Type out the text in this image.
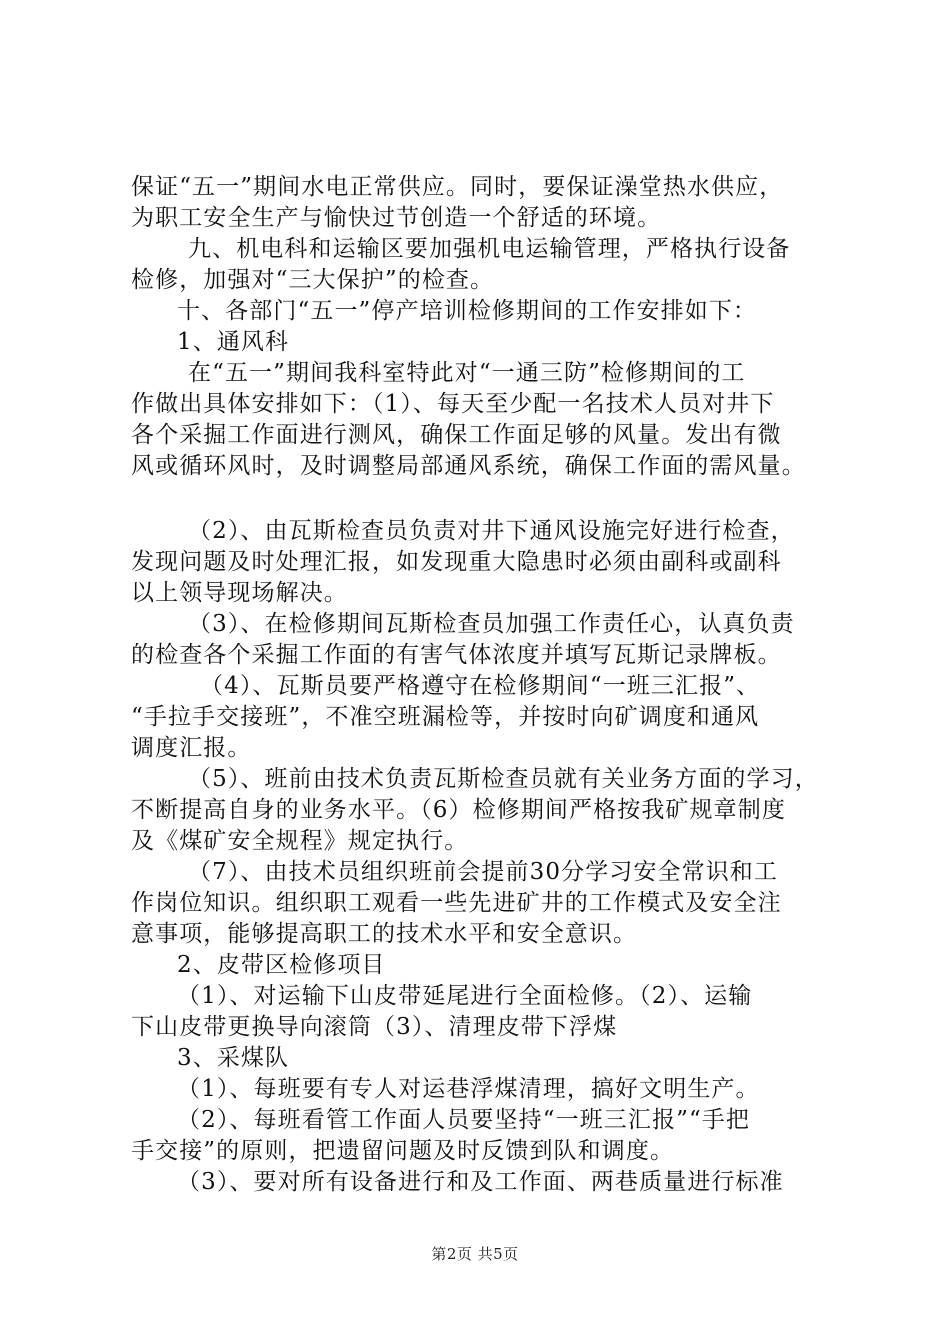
保证“五一”期间水电正常供应。同时，要保证澡堂热水供应，
为职工安全生产与愉快过节创造一个舒适的环境。
九、机电科和运输区要加强机电运输管理，严格执行设备
检修，加强对“三大保护”的检查。
十、各部门“五一”停产培训检修期间的工作安排如下：
1、通风科
在“五一”期间我科室特此对“一通三防”检修期间的工
作做出具体安排如下：（1）、每天至少配一名技术人员对井下
各个采掘工作面进行测风，确保工作面足够的风量。发出有微
风或循环风时，及时调整局部通风系统，确保工作面的需风量。
（2）、由瓦斯检查员负责对井下通风设施完好进行检查，
发现问题及时处理汇报，如发现重大隐患时必须由副科或副科
以上领导现场解决。
（3）、在检修期间瓦斯检查员加强工作责任心，认真负责
的检查各个采掘工作面的有害气体浓度并填写瓦斯记录牌板。
（4）、瓦斯员要严格遵守在检修期间“一班三汇报”、
“手拉手交接班”，不准空班漏检等，并按时向矿调度和通风
调度汇报。
（5）、班前由技术负责瓦斯检查员就有关业务方面的学习，
不断提高自身的业务水平。（6）检修期间严格按我矿规章制度
及《煤矿安全规程》规定执行。
（7）、由技术员组织班前会提前30分学习安全常识和工
作岗位知识。组织职工观看一些先进矿井的工作模式及安全注
意事项，能够提高职工的技术水平和安全意识。
2、皮带区检修项目
（1）、对运输下山皮带延尾进行全面检修。（2）、运输
下山皮带更换导向滚筒（3）、清理皮带下浮煤
3、采煤队
（1）、每班要有专人对运巷浮煤清理，搞好文明生产。
（2）、每班看管工作面人员要坚持“一班三汇报”“手把
手交接”的原则，把遗留问题及时反馈到队和调度。
（3）、要对所有设备进行和及工作面、两巷质量进行标准
第2页 共5页
